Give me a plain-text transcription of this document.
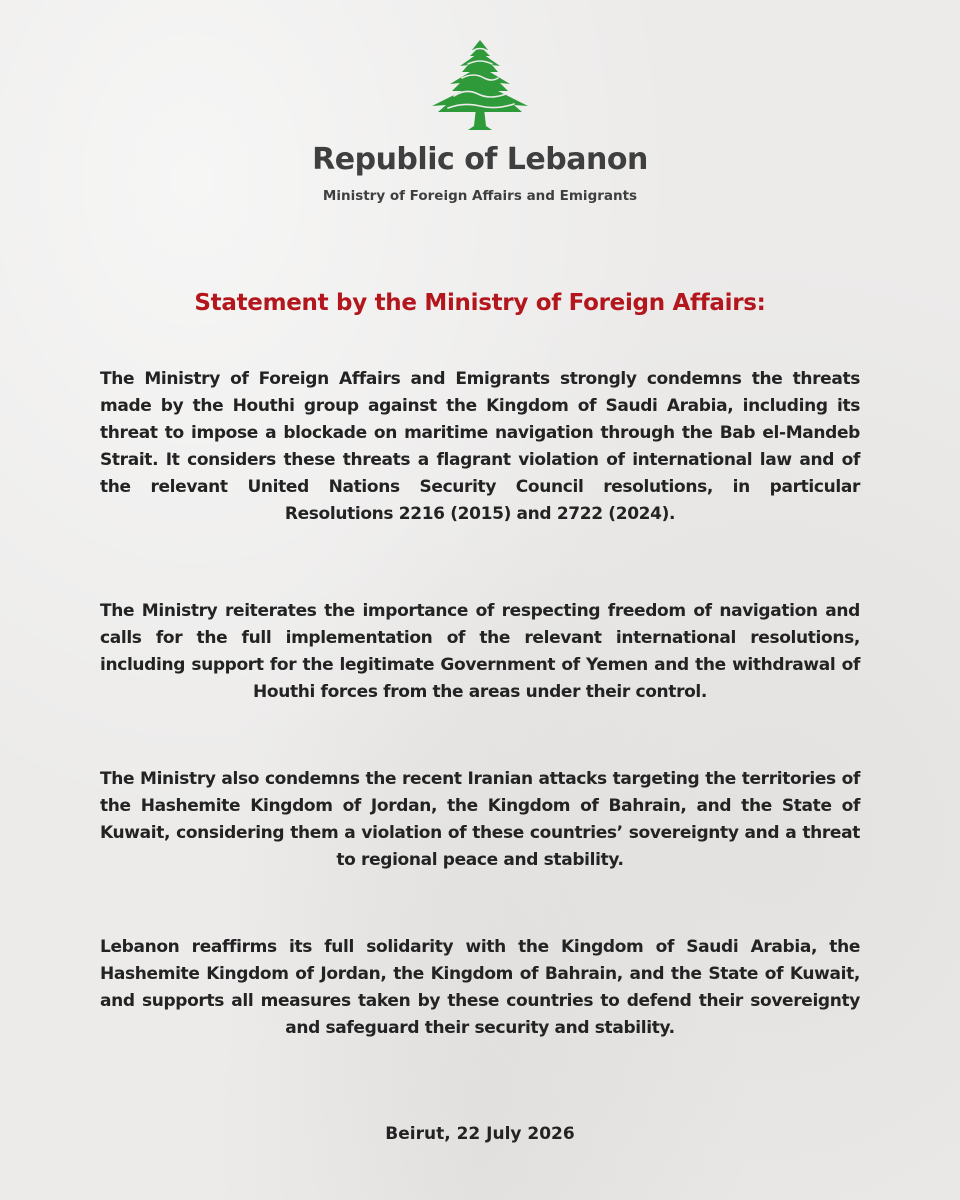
Republic of Lebanon
Ministry of Foreign Affairs and Emigrants
Statement by the Ministry of Foreign Affairs:

The Ministry of Foreign Affairs and Emigrants strongly condemns the threats made by the Houthi group against the Kingdom of Saudi Arabia, including its threat to impose a blockade on maritime navigation through the Bab el-Mandeb Strait. It considers these threats a flagrant violation of international law and of the relevant United Nations Security Council resolutions, in particular Resolutions 2216 (2015) and 2722 (2024).

The Ministry reiterates the importance of respecting freedom of navigation and calls for the full implementation of the relevant international resolutions, including support for the legitimate Government of Yemen and the withdrawal of Houthi forces from the areas under their control.

The Ministry also condemns the recent Iranian attacks targeting the territories of the Hashemite Kingdom of Jordan, the Kingdom of Bahrain, and the State of Kuwait, considering them a violation of these countries’ sovereignty and a threat to regional peace and stability.

Lebanon reaffirms its full solidarity with the Kingdom of Saudi Arabia, the Hashemite Kingdom of Jordan, the Kingdom of Bahrain, and the State of Kuwait, and supports all measures taken by these countries to defend their sovereignty and safeguard their security and stability.

Beirut, 22 July 2026
